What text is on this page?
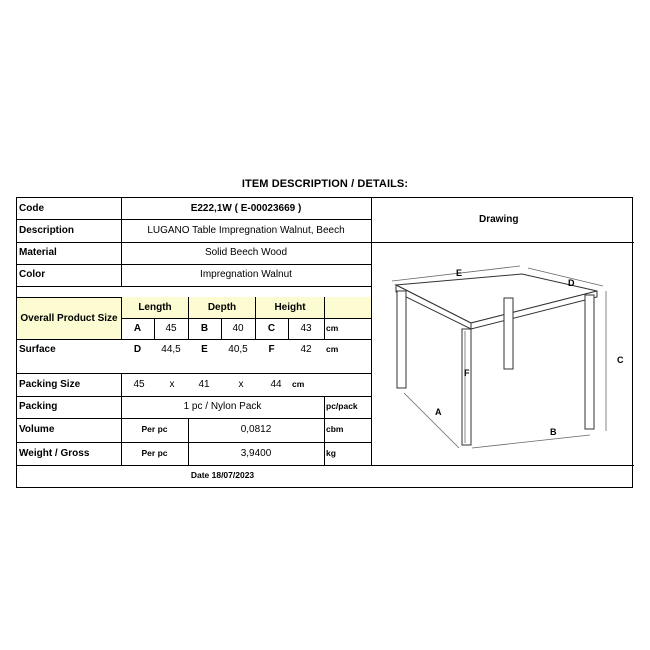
ITEM DESCRIPTION / DETAILS:
Code	E222,1W ( E-00023669 )
Description	LUGANO Table Impregnation Walnut, Beech
Material	Solid Beech Wood
Color	Impregnation Walnut
Overall Product Size
Length	Depth	Height
A	45	B	40	C	43	cm
Surface	D	44,5	E	40,5	F	42	cm
Packing Size	45	x	41	x	44	cm
Packing	1 pc / Nylon Pack	pc/pack
Volume	Per pc	0,0812	cbm
Weight / Gross	Per pc	3,9400	kg
Date 18/07/2023
Drawing
E
D
C
F
A
B
